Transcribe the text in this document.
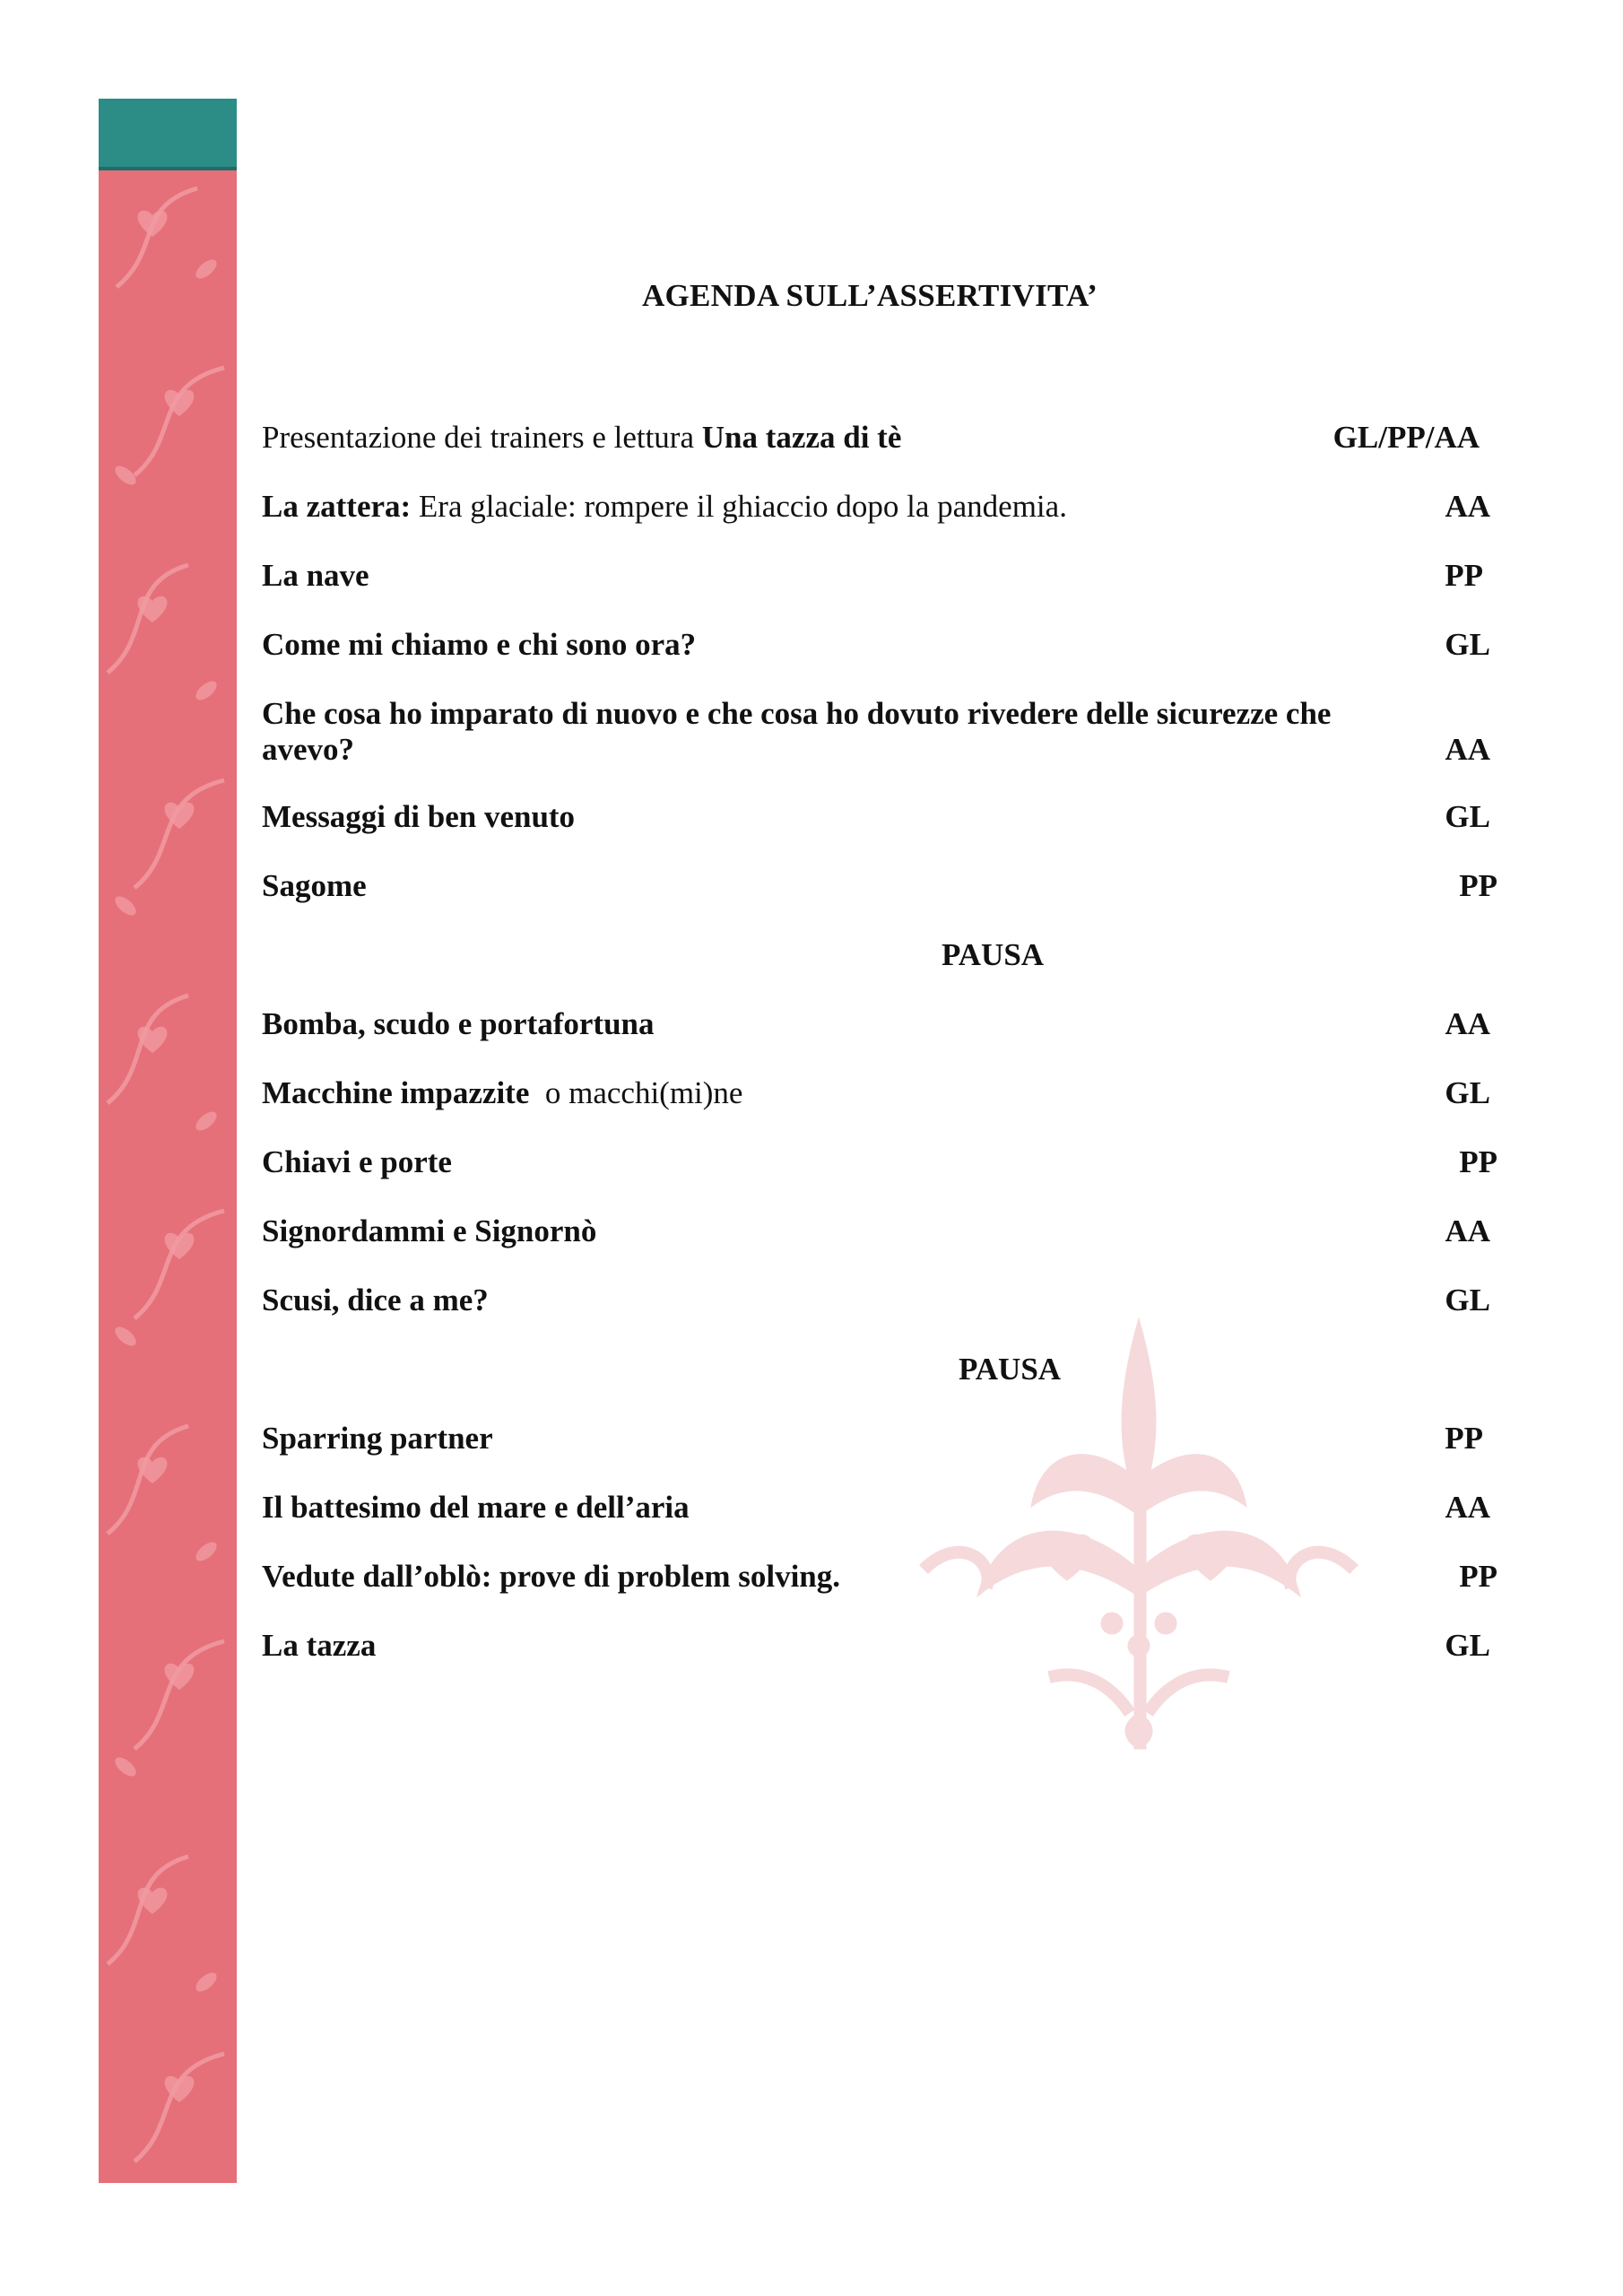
AGENDA SULL’ASSERTIVITA’
Presentazione dei trainers e lettura Una tazza di tè	GL/PP/AA
La zattera: Era glaciale: rompere il ghiaccio dopo la pandemia.	AA
La nave	PP
Come mi chiamo e chi sono ora?	GL
Che cosa ho imparato di nuovo e che cosa ho dovuto rivedere delle sicurezze che avevo?	AA
Messaggi di ben venuto	GL
Sagome	PP
PAUSA
Bomba, scudo e portafortuna	AA
Macchine impazzite  o macchi(mi)ne	GL
Chiavi e porte	PP
Signordammi e Signornò	AA
Scusi, dice a me?	GL
PAUSA
Sparring partner	PP
Il battesimo del mare e dell’aria	AA
Vedute dall’oblò: prove di problem solving.	PP
La tazza	GL
